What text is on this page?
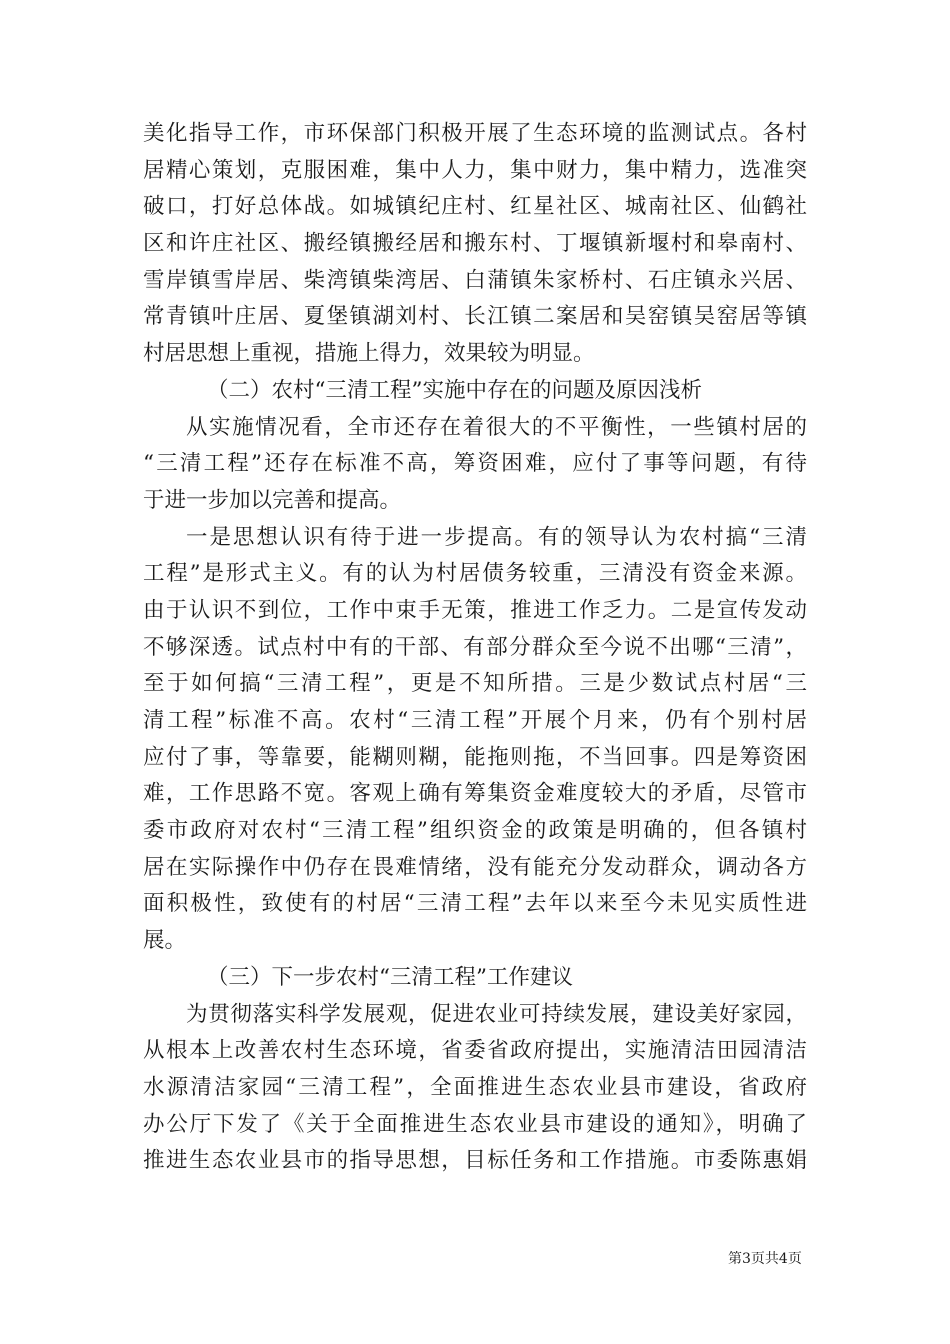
美化指导工作，市环保部门积极开展了生态环境的监测试点。各村
居精心策划，克服困难，集中人力，集中财力，集中精力，选准突
破口，打好总体战。如城镇纪庄村、红星社区、城南社区、仙鹤社
区和许庄社区、搬经镇搬经居和搬东村、丁堰镇新堰村和皋南村、
雪岸镇雪岸居、柴湾镇柴湾居、白蒲镇朱家桥村、石庄镇永兴居、
常青镇叶庄居、夏堡镇湖刘村、长江镇二案居和吴窑镇吴窑居等镇
村居思想上重视，措施上得力，效果较为明显。
（二）农村“三清工程”实施中存在的问题及原因浅析
从实施情况看，全市还存在着很大的不平衡性，一些镇村居的
“三清工程”还存在标准不高，筹资困难，应付了事等问题，有待
于进一步加以完善和提高。
一是思想认识有待于进一步提高。有的领导认为农村搞“三清
工程”是形式主义。有的认为村居债务较重，三清没有资金来源。
由于认识不到位，工作中束手无策，推进工作乏力。二是宣传发动
不够深透。试点村中有的干部、有部分群众至今说不出哪“三清”，
至于如何搞“三清工程”，更是不知所措。三是少数试点村居“三
清工程”标准不高。农村“三清工程”开展个月来，仍有个别村居
应付了事，等靠要，能糊则糊，能拖则拖，不当回事。四是筹资困
难，工作思路不宽。客观上确有筹集资金难度较大的矛盾，尽管市
委市政府对农村“三清工程”组织资金的政策是明确的，但各镇村
居在实际操作中仍存在畏难情绪，没有能充分发动群众，调动各方
面积极性，致使有的村居“三清工程”去年以来至今未见实质性进
展。
（三）下一步农村“三清工程”工作建议
为贯彻落实科学发展观，促进农业可持续发展，建设美好家园，
从根本上改善农村生态环境，省委省政府提出，实施清洁田园清洁
水源清洁家园“三清工程”，全面推进生态农业县市建设，省政府
办公厅下发了《关于全面推进生态农业县市建设的通知》，明确了
推进生态农业县市的指导思想，目标任务和工作措施。市委陈惠娟
第3页共4页
